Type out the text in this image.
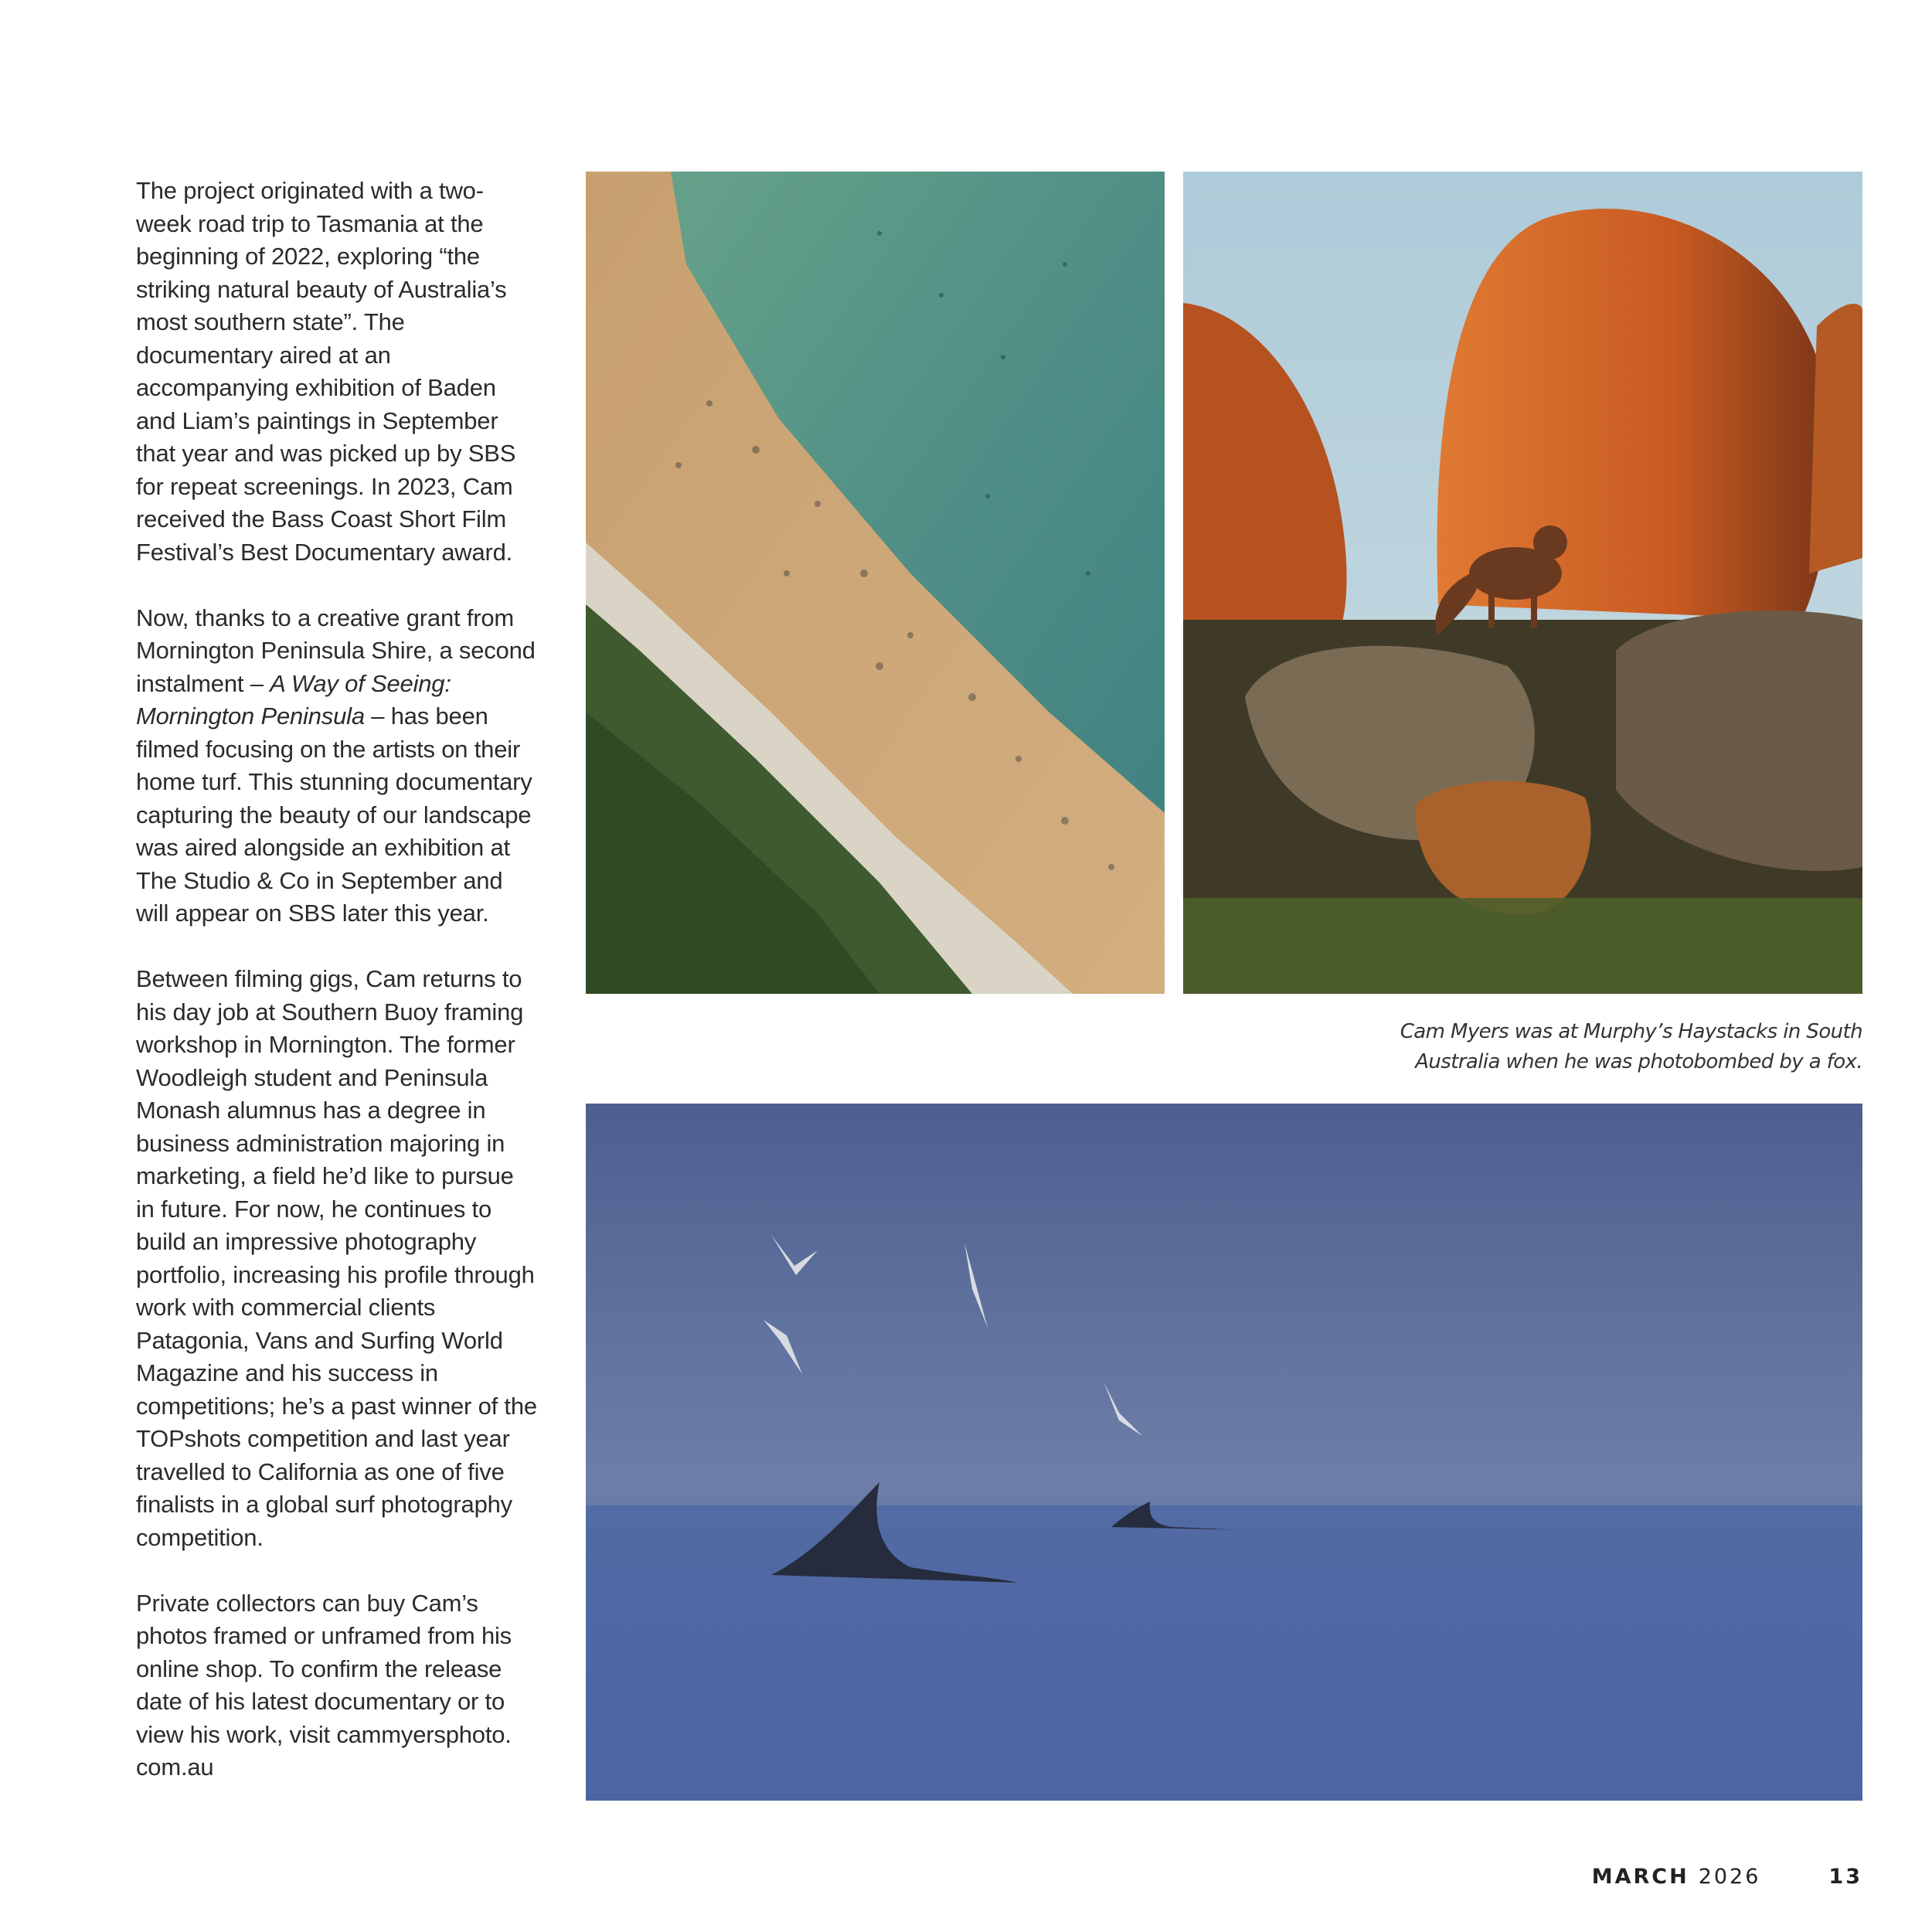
The project originated with a two-week road trip to Tasmania at the beginning of 2022, exploring “the striking natural beauty of Australia’s most southern state”. The documentary aired at an accompanying exhibition of Baden and Liam’s paintings in September that year and was picked up by SBS for repeat screenings. In 2023, Cam received the Bass Coast Short Film Festival’s Best Documentary award.

Now, thanks to a creative grant from Mornington Peninsula Shire, a second instalment – A Way of Seeing: Mornington Peninsula – has been filmed focusing on the artists on their home turf. This stunning documentary capturing the beauty of our landscape was aired alongside an exhibition at The Studio & Co in September and will appear on SBS later this year.

Between filming gigs, Cam returns to his day job at Southern Buoy framing workshop in Mornington. The former Woodleigh student and Peninsula Monash alumnus has a degree in business administration majoring in marketing, a field he’d like to pursue in future. For now, he continues to build an impressive photography portfolio, increasing his profile through work with commercial clients Patagonia, Vans and Surfing World Magazine and his success in competitions; he’s a past winner of the TOPshots competition and last year travelled to California as one of five finalists in a global surf photography competition.

Private collectors can buy Cam’s photos framed or unframed from his online shop. To confirm the release date of his latest documentary or to view his work, visit cammyersphoto. com.au

Cam Myers was at Murphy’s Haystacks in South
Australia when he was photobombed by a fox.
MARCH 2026	13
